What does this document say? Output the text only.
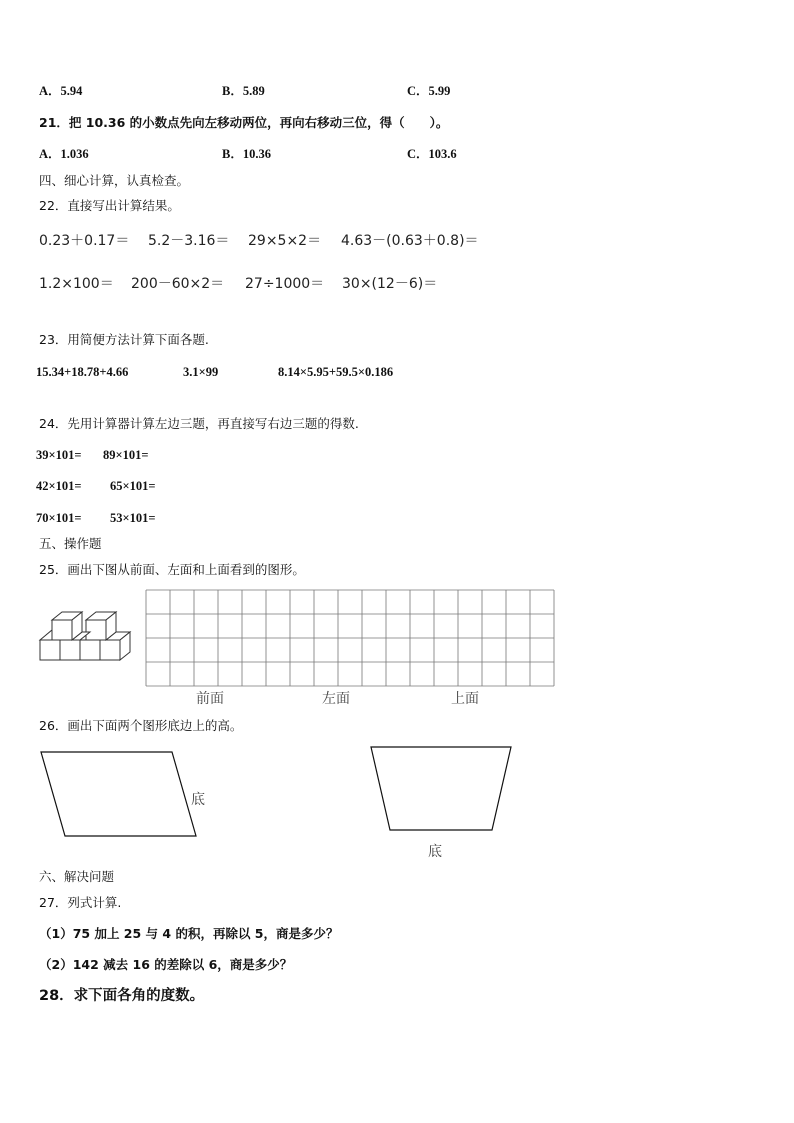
A．5.94	B．5.89	C．5.99
21．把 10.36 的小数点先向左移动两位，再向右移动三位，得（　　）。
A．1.036	B．10.36	C．103.6
四、细心计算，认真检查。
22．直接写出计算结果。
0.23＋0.17＝ 5.2－3.16＝ 29×5×2＝ 4.63－(0.63＋0.8)＝
1.2×100＝ 200－60×2＝ 27÷1000＝ 30×(12－6)＝
23．用简便方法计算下面各题.
15.34+18.78+4.66	3.1×99	8.14×5.95+59.5×0.186
24．先用计算器计算左边三题，再直接写右边三题的得数.
39×101= 89×101=
42×101= 65×101=
70×101= 53×101=
五、操作题
25．画出下图从前面、左面和上面看到的图形。
前面	左面	上面
26．画出下面两个图形底边上的高。
底
底
六、解决问题
27．列式计算.
（1）75 加上 25 与 4 的积，再除以 5，商是多少？
（2）142 减去 16 的差除以 6，商是多少？
28．求下面各角的度数。
